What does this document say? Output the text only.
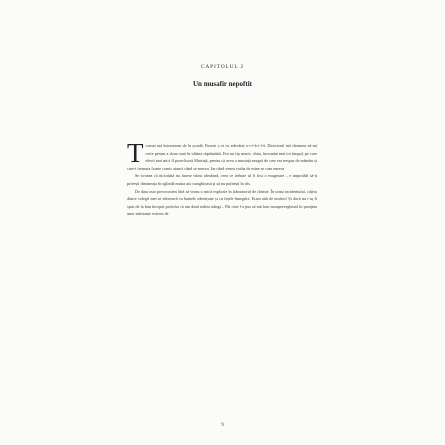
CAPITOLUL 2
Un musafir nepoftit

Tocmai mă întorsesem de la școală. Fusese o zi cu adevărat o-r-i-b-i-l-ă. Directorul mă chemase să-mi certe pentru a doua oară în ultima săptămână. Era un tip masiv, chiar, încruntat mai tot timpul, pe care elevii mai mici îl porecliseră Mustață, pentru că avea o mustață neagră de care era nespus de mândru și care-i tremura foarte comic atunci când se enerva. Iar când venea vorba de mine se cam enerva.

Se zvonea că niciodată nu fusese văzut zâmbind, ceea ce trebuie să fi fost o exagerare – e imposibil să-ți privești dimineața în oglindă mutra aia caraghioasă și să nu pufnești în râs.

De data asta provocasem fără să vreau o mică explozie în laboratorul de chimie. În urma incidentului, câțiva dintre colegii mei se aleseseră cu hainele zdrențuite și cu fețele înnegrite. Eram atât de nostim! Și dacă nu i-aș fi spus de la bun început profului că am două mâini stângi... Păi cine l-a pus să mă lase nesupravegheată în preajma unor substanțe extrem de

9
